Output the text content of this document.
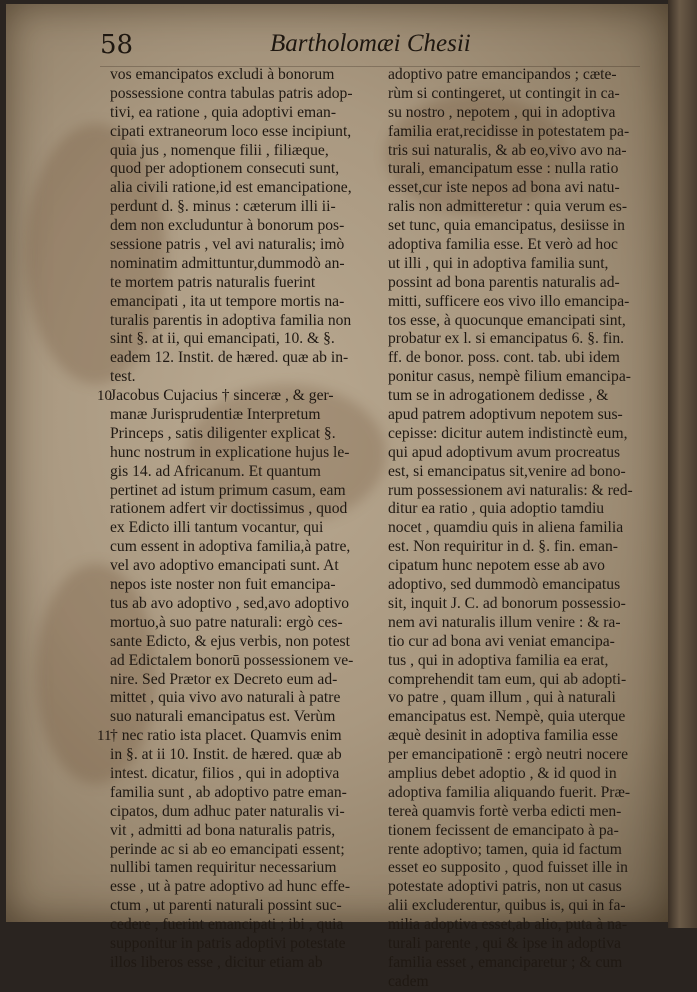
58	Bartholomæi Chesii
vos emancipatos excludi à bonorum
possessione contra tabulas patris adop-
tivi, ea ratione , quia adoptivi eman-
cipati extraneorum loco esse incipiunt,
quia jus , nomenque filii , filiæque,
quod per adoptionem consecuti sunt,
alia civili ratione,id est emancipatione,
perdunt d. §. minus : cæterum illi ii-
dem non excluduntur à bonorum pos-
sessione patris , vel avi naturalis; imò
nominatim admittuntur,dummodò an-
te mortem patris naturalis fuerint
emancipati , ita ut tempore mortis na-
turalis parentis in adoptiva familia non
sint §. at ii, qui emancipati, 10. & §.
eadem 12. Instit. de hæred. quæ ab in-
test.
10
Jacobus Cujacius † sinceræ , & ger-
manæ Jurisprudentiæ Interpretum
Princeps , satis diligenter explicat §.
hunc nostrum in explicatione hujus le-
gis 14. ad Africanum. Et quantum
pertinet ad istum primum casum, eam
rationem adfert vir doctissimus , quod
ex Edicto illi tantum vocantur, qui
cum essent in adoptiva familia,à patre,
vel avo adoptivo emancipati sunt. At
nepos iste noster non fuit emancipa-
tus ab avo adoptivo , sed,avo adoptivo
mortuo,à suo patre naturali: ergò ces-
sante Edicto, & ejus verbis, non potest
ad Edictalem bonorū possessionem ve-
nire. Sed Prætor ex Decreto eum ad-
mittet , quia vivo avo naturali à patre
suo naturali emancipatus est. Verùm
11
† nec ratio ista placet. Quamvis enim
in §. at ii 10. Instit. de hæred. quæ ab
intest. dicatur, filios , qui in adoptiva
familia sunt , ab adoptivo patre eman-
cipatos, dum adhuc pater naturalis vi-
vit , admitti ad bona naturalis patris,
perinde ac si ab eo emancipati essent;
nullibi tamen requiritur necessarium
esse , ut à patre adoptivo ad hunc effe-
ctum , ut parenti naturali possint suc-
cedere , fuerint emancipati ; ibi , quia
supponitur in patris adoptivi potestate
illos liberos esse , dicitur etiam ab
adoptivo patre emancipandos ; cæte-
rùm si contingeret, ut contingit in ca-
su nostro , nepotem , qui in adoptiva
familia erat,recidisse in potestatem pa-
tris sui naturalis, & ab eo,vivo avo na-
turali, emancipatum esse : nulla ratio
esset,cur iste nepos ad bona avi natu-
ralis non admitteretur : quia verum es-
set tunc, quia emancipatus, desiisse in
adoptiva familia esse. Et verò ad hoc
ut illi , qui in adoptiva familia sunt,
possint ad bona parentis naturalis ad-
mitti, sufficere eos vivo illo emancipa-
tos esse, à quocunque emancipati sint,
probatur ex l. si emancipatus 6. §. fin.
ff. de bonor. poss. cont. tab. ubi idem
ponitur casus, nempè filium emancipa-
tum se in adrogationem dedisse , &
apud patrem adoptivum nepotem sus-
cepisse: dicitur autem indistinctè eum,
qui apud adoptivum avum procreatus
est, si emancipatus sit,venire ad bono-
rum possessionem avi naturalis: & red-
ditur ea ratio , quia adoptio tamdiu
nocet , quamdiu quis in aliena familia
est. Non requiritur in d. §. fin. eman-
cipatum hunc nepotem esse ab avo
adoptivo, sed dummodò emancipatus
sit, inquit J. C. ad bonorum possessio-
nem avi naturalis illum venire : & ra-
tio cur ad bona avi veniat emancipa-
tus , qui in adoptiva familia ea erat,
comprehendit tam eum, qui ab adopti-
vo patre , quam illum , qui à naturali
emancipatus est. Nempè, quia uterque
æquè desinit in adoptiva familia esse
per emancipationē : ergò neutri nocere
amplius debet adoptio , & id quod in
adoptiva familia aliquando fuerit. Præ-
tereà quamvis fortè verba edicti men-
tionem fecissent de emancipato à pa-
rente adoptivo; tamen, quia id factum
esset eo supposito , quod fuisset ille in
potestate adoptivi patris, non ut casus
alii excluderentur, quibus is, qui in fa-
milia adoptiva esset,ab alio, puta à na-
turali parente , qui & ipse in adoptiva
familia esset , emanciparetur ; & cum
cadem
